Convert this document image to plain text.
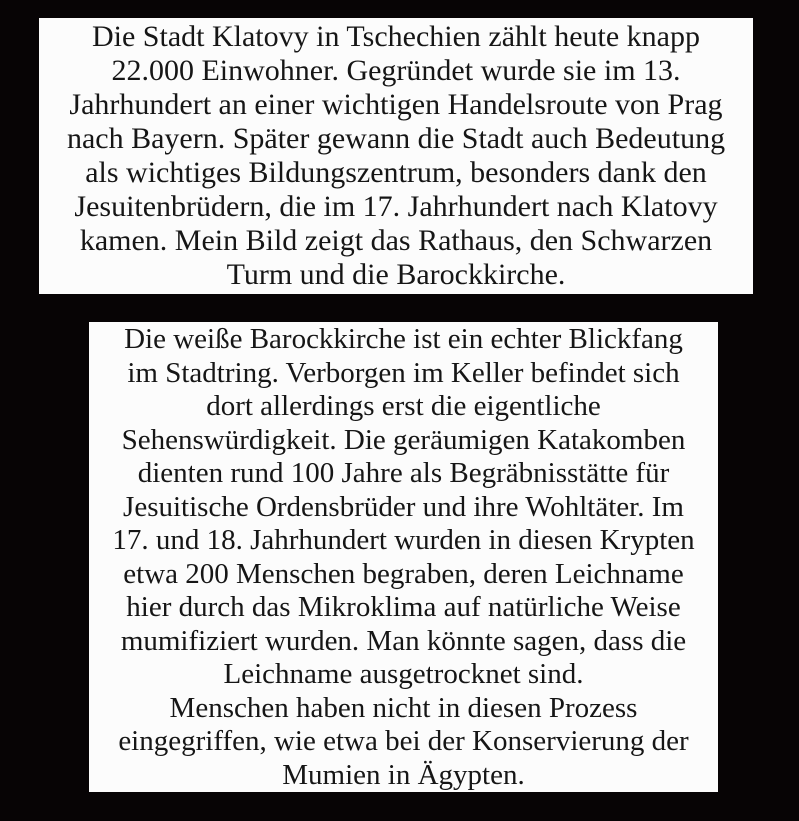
Die Stadt Klatovy in Tschechien zählt heute knapp
22.000 Einwohner. Gegründet wurde sie im 13.
Jahrhundert an einer wichtigen Handelsroute von Prag
nach Bayern. Später gewann die Stadt auch Bedeutung
als wichtiges Bildungszentrum, besonders dank den
Jesuitenbrüdern, die im 17. Jahrhundert nach Klatovy
kamen. Mein Bild zeigt das Rathaus, den Schwarzen
Turm und die Barockkirche.
Die weiße Barockkirche ist ein echter Blickfang
im Stadtring. Verborgen im Keller befindet sich
dort allerdings erst die eigentliche
Sehenswürdigkeit. Die geräumigen Katakomben
dienten rund 100 Jahre als Begräbnisstätte für
Jesuitische Ordensbrüder und ihre Wohltäter. Im
17. und 18. Jahrhundert wurden in diesen Krypten
etwa 200 Menschen begraben, deren Leichname
hier durch das Mikroklima auf natürliche Weise
mumifiziert wurden. Man könnte sagen, dass die
Leichname ausgetrocknet sind.
Menschen haben nicht in diesen Prozess
eingegriffen, wie etwa bei der Konservierung der
Mumien in Ägypten.
